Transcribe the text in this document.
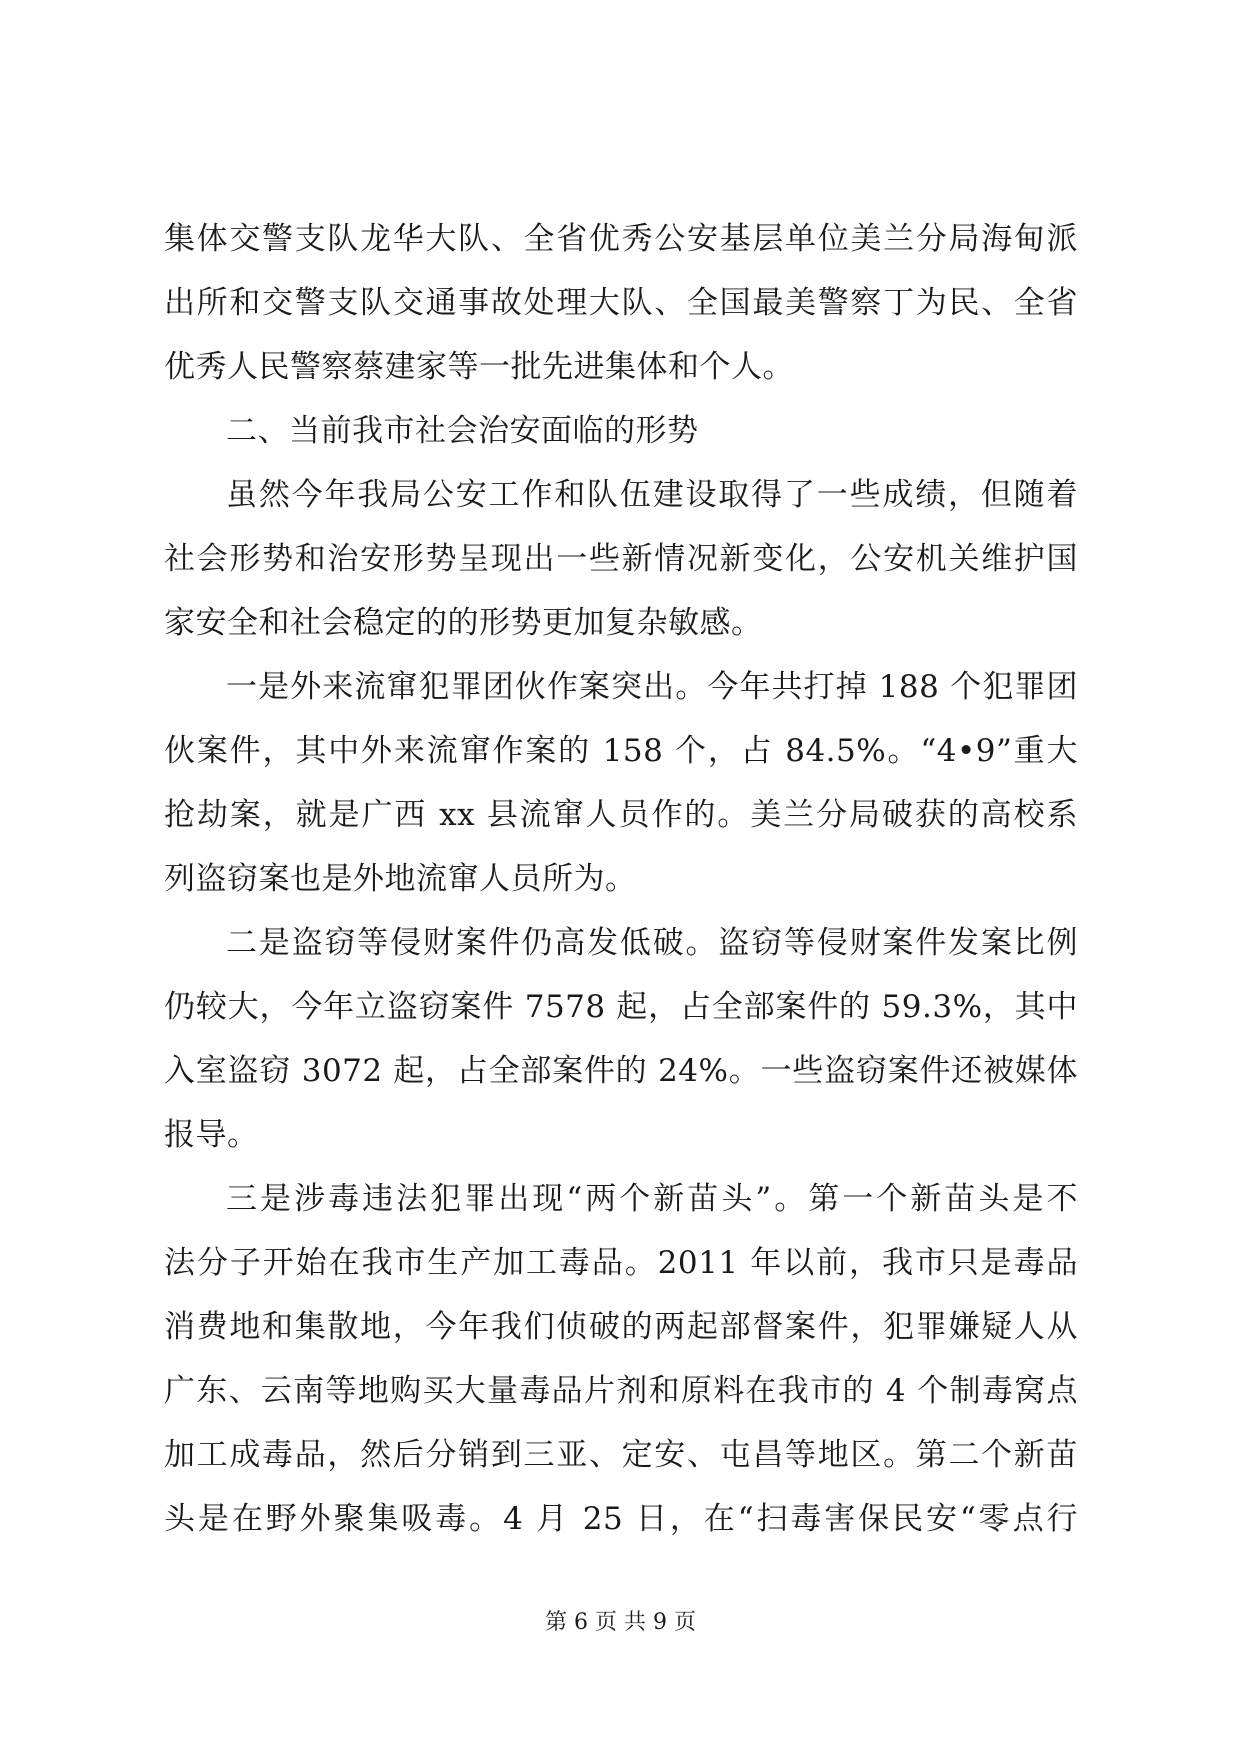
集体交警支队龙华大队、全省优秀公安基层单位美兰分局海甸派
出所和交警支队交通事故处理大队、全国最美警察丁为民、全省
优秀人民警察蔡建家等一批先进集体和个人。
二、当前我市社会治安面临的形势
虽然今年我局公安工作和队伍建设取得了一些成绩，但随着
社会形势和治安形势呈现出一些新情况新变化，公安机关维护国
家安全和社会稳定的的形势更加复杂敏感。
一是外来流窜犯罪团伙作案突出。今年共打掉 188 个犯罪团
伙案件，其中外来流窜作案的 158 个，占 84.5%。“4•9”重大
抢劫案，就是广西 xx 县流窜人员作的。美兰分局破获的高校系
列盗窃案也是外地流窜人员所为。
二是盗窃等侵财案件仍高发低破。盗窃等侵财案件发案比例
仍较大，今年立盗窃案件 7578 起，占全部案件的 59.3%，其中
入室盗窃 3072 起，占全部案件的 24%。一些盗窃案件还被媒体
报导。
三是涉毒违法犯罪出现“两个新苗头”。第一个新苗头是不
法分子开始在我市生产加工毒品。2011 年以前，我市只是毒品
消费地和集散地，今年我们侦破的两起部督案件，犯罪嫌疑人从
广东、云南等地购买大量毒品片剂和原料在我市的 4 个制毒窝点
加工成毒品，然后分销到三亚、定安、屯昌等地区。第二个新苗
头是在野外聚集吸毒。4 月 25 日，在“扫毒害保民安“零点行
第 6 页 共 9 页
